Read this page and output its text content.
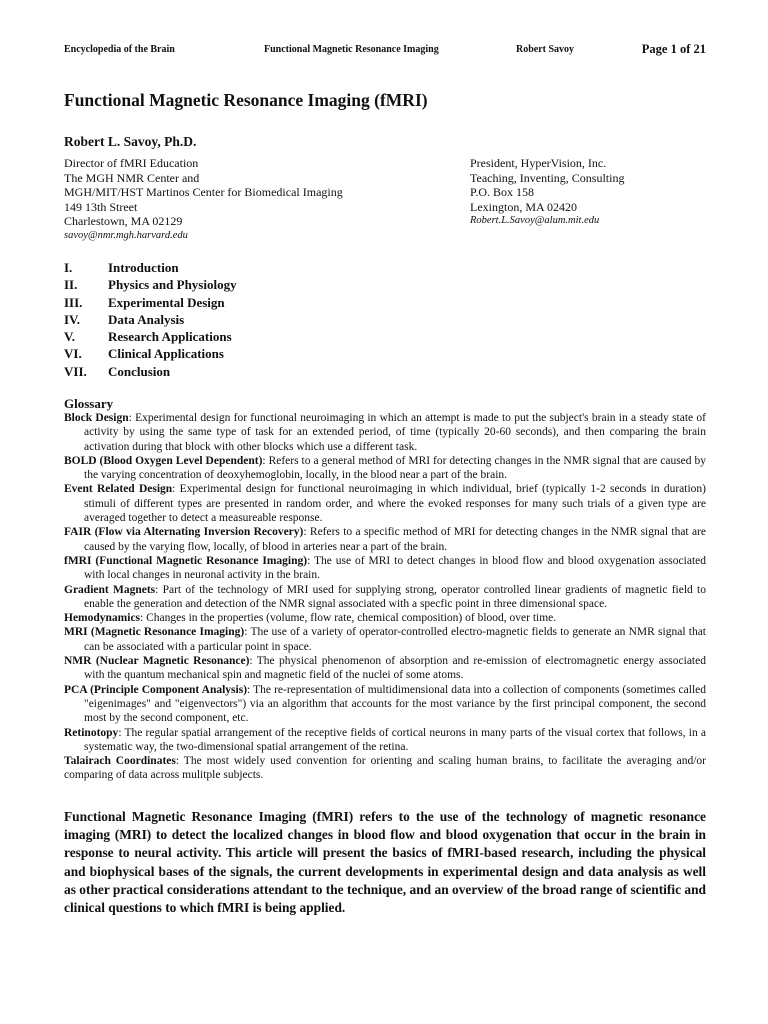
Encyclopedia of the Brain	Functional Magnetic Resonance Imaging	Robert Savoy	Page 1 of 21
Functional Magnetic Resonance Imaging (fMRI)
Robert L. Savoy, Ph.D.
Director of fMRI Education
The MGH NMR Center and
MGH/MIT/HST Martinos Center for Biomedical Imaging
149 13th Street
Charlestown, MA 02129
savoy@nmr.mgh.harvard.edu
President, HyperVision, Inc.
Teaching, Inventing, Consulting
P.O. Box 158
Lexington, MA 02420
Robert.L.Savoy@alum.mit.edu
I.	Introduction
II. Physics and Physiology
III. Experimental Design
IV. Data Analysis
V.	Research Applications
VI. Clinical Applications
VII. Conclusion
Glossary
Block Design: Experimental design for functional neuroimaging in which an attempt is made to put the subject's brain in a steady state of activity by using the same type of task for an extended period, of time (typically 20-60 seconds), and then comparing the brain activation during that block with other blocks which use a different task.
BOLD (Blood Oxygen Level Dependent): Refers to a general method of MRI for detecting changes in the NMR signal that are caused by the varying concentration of deoxyhemoglobin, locally, in the blood near a part of the brain.
Event Related Design: Experimental design for functional neuroimaging in which individual, brief (typically 1-2 seconds in duration) stimuli of different types are presented in random order, and where the evoked responses for many such trials of a given type are averaged together to detect a measureable response.
FAIR (Flow via Alternating Inversion Recovery): Refers to a specific method of MRI for detecting changes in the NMR signal that are caused by the varying flow, locally, of blood in arteries near a part of the brain.
fMRI (Functional Magnetic Resonance Imaging): The use of MRI to detect changes in blood flow and blood oxygenation associated with local changes in neuronal activity in the brain.
Gradient Magnets: Part of the technology of MRI used for supplying strong, operator controlled linear gradients of magnetic field to enable the generation and detection of the NMR signal associated with a specfic point in three dimensional space.
Hemodynamics: Changes in the properties (volume, flow rate, chemical composition) of blood, over time.
MRI (Magnetic Resonance Imaging): The use of a variety of operator-controlled electro-magnetic fields to generate an NMR signal that can be associated with a particular point in space.
NMR (Nuclear Magnetic Resonance): The physical phenomenon of absorption and re-emission of electromagnetic energy associated with the quantum mechanical spin and magnetic field of the nuclei of some atoms.
PCA (Principle Component Analysis): The re-representation of multidimensional data into a collection of components (sometimes called "eigenimages" and "eigenvectors") via an algorithm that accounts for the most variance by the first principal component, the second most by the second component, etc.
Retinotopy: The regular spatial arrangement of the receptive fields of cortical neurons in many parts of the visual cortex that follows, in a systematic way, the two-dimensional spatial arrangement of the retina.
Talairach Coordinates: The most widely used convention for orienting and scaling human brains, to facilitate the averaging and/or comparing of data across mulitple subjects.

Functional Magnetic Resonance Imaging (fMRI) refers to the use of the technology of magnetic resonance imaging (MRI) to detect the localized changes in blood flow and blood oxygenation that occur in the brain in response to neural activity. This article will present the basics of fMRI-based research, including the physical and biophysical bases of the signals, the current developments in experimental design and data analysis as well as other practical considerations attendant to the technique, and an overview of the broad range of scientific and clinical questions to which fMRI is being applied.
